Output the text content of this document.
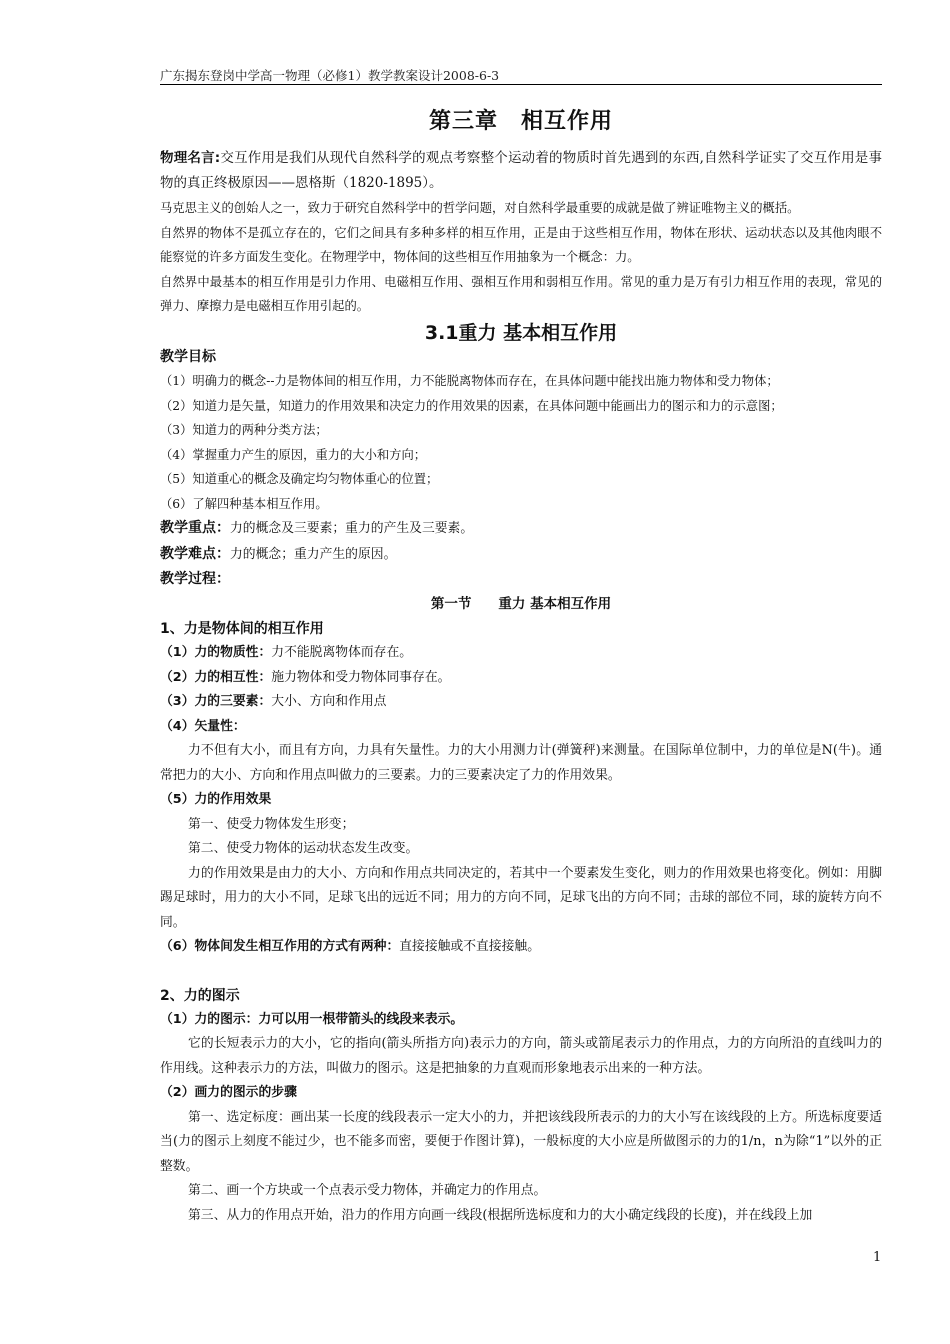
广东揭东登岗中学高一物理（必修1）教学教案设计2008-6-3
第三章　相互作用

物理名言:交互作用是我们从现代自然科学的观点考察整个运动着的物质时首先遇到的东西,自然科学证实了交互作用是事物的真正终极原因——恩格斯（1820-1895）。

马克思主义的创始人之一，致力于研究自然科学中的哲学问题，对自然科学最重要的成就是做了辨证唯物主义的概括。

自然界的物体不是孤立存在的，它们之间具有多种多样的相互作用，正是由于这些相互作用，物体在形状、运动状态以及其他肉眼不能察觉的许多方面发生变化。在物理学中，物体间的这些相互作用抽象为一个概念：力。

自然界中最基本的相互作用是引力作用、电磁相互作用、强相互作用和弱相互作用。常见的重力是万有引力相互作用的表现，常见的弹力、摩擦力是电磁相互作用引起的。

3.1重力 基本相互作用

教学目标

（1）明确力的概念--力是物体间的相互作用，力不能脱离物体而存在，在具体问题中能找出施力物体和受力物体；

（2）知道力是矢量，知道力的作用效果和决定力的作用效果的因素，在具体问题中能画出力的图示和力的示意图；

（3）知道力的两种分类方法；

（4）掌握重力产生的原因，重力的大小和方向；

（5）知道重心的概念及确定均匀物体重心的位置；

（6）了解四种基本相互作用。

教学重点：力的概念及三要素；重力的产生及三要素。

教学难点：力的概念；重力产生的原因。

教学过程：

第一节　　重力 基本相互作用

1、力是物体间的相互作用

（1）力的物质性：力不能脱离物体而存在。

（2）力的相互性：施力物体和受力物体同事存在。

（3）力的三要素：大小、方向和作用点

（4）矢量性：

力不但有大小，而且有方向，力具有矢量性。力的大小用测力计(弹簧秤)来测量。在国际单位制中，力的单位是N(牛)。通常把力的大小、方向和作用点叫做力的三要素。力的三要素决定了力的作用效果。

（5）力的作用效果

第一、使受力物体发生形变；

第二、使受力物体的运动状态发生改变。

力的作用效果是由力的大小、方向和作用点共同决定的，若其中一个要素发生变化，则力的作用效果也将变化。例如：用脚踢足球时，用力的大小不同，足球飞出的远近不同；用力的方向不同，足球飞出的方向不同；击球的部位不同，球的旋转方向不同。

（6）物体间发生相互作用的方式有两种：直接接触或不直接接触。

2、力的图示

（1）力的图示：力可以用一根带箭头的线段来表示。

它的长短表示力的大小，它的指向(箭头所指方向)表示力的方向，箭头或箭尾表示力的作用点，力的方向所沿的直线叫力的作用线。这种表示力的方法，叫做力的图示。这是把抽象的力直观而形象地表示出来的一种方法。

（2）画力的图示的步骤

第一、选定标度：画出某一长度的线段表示一定大小的力，并把该线段所表示的力的大小写在该线段的上方。所选标度要适当(力的图示上刻度不能过少，也不能多而密，要便于作图计算)，一般标度的大小应是所做图示的力的1/n，n为除“1”以外的正整数。

第二、画一个方块或一个点表示受力物体，并确定力的作用点。

第三、从力的作用点开始，沿力的作用方向画一线段(根据所选标度和力的大小确定线段的长度)，并在线段上加

1
